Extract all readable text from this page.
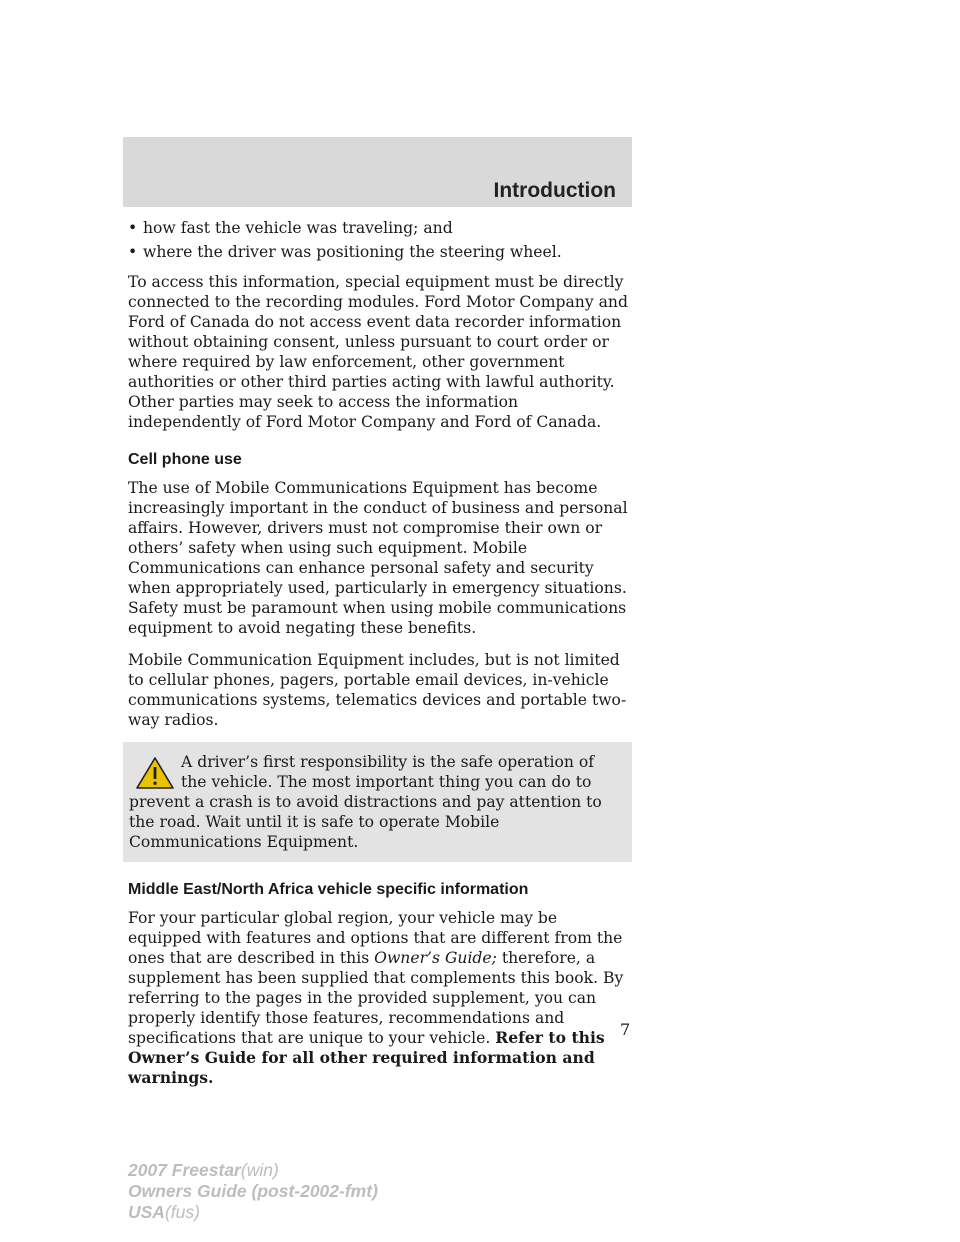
Introduction
• how fast the vehicle was traveling; and
• where the driver was positioning the steering wheel.

To access this information, special equipment must be directly connected to the recording modules. Ford Motor Company and Ford of Canada do not access event data recorder information without obtaining consent, unless pursuant to court order or where required by law enforcement, other government authorities or other third parties acting with lawful authority. Other parties may seek to access the information independently of Ford Motor Company and Ford of Canada.

Cell phone use

The use of Mobile Communications Equipment has become increasingly important in the conduct of business and personal affairs. However, drivers must not compromise their own or others’ safety when using such equipment. Mobile Communications can enhance personal safety and security when appropriately used, particularly in emergency situations. Safety must be paramount when using mobile communications equipment to avoid negating these benefits.

Mobile Communication Equipment includes, but is not limited to cellular phones, pagers, portable email devices, in-vehicle communications systems, telematics devices and portable two-way radios.

A driver’s first responsibility is the safe operation of the vehicle. The most important thing you can do to prevent a crash is to avoid distractions and pay attention to the road. Wait until it is safe to operate Mobile Communications Equipment.
Middle East/North Africa vehicle specific information

For your particular global region, your vehicle may be equipped with features and options that are different from the ones that are described in this Owner’s Guide; therefore, a supplement has been supplied that complements this book. By referring to the pages in the provided supplement, you can properly identify those features, recommendations and specifications that are unique to your vehicle. Refer to this Owner’s Guide for all other required information and warnings.

7
2007 Freestar(win)
Owners Guide (post-2002-fmt)
USA(fus)
